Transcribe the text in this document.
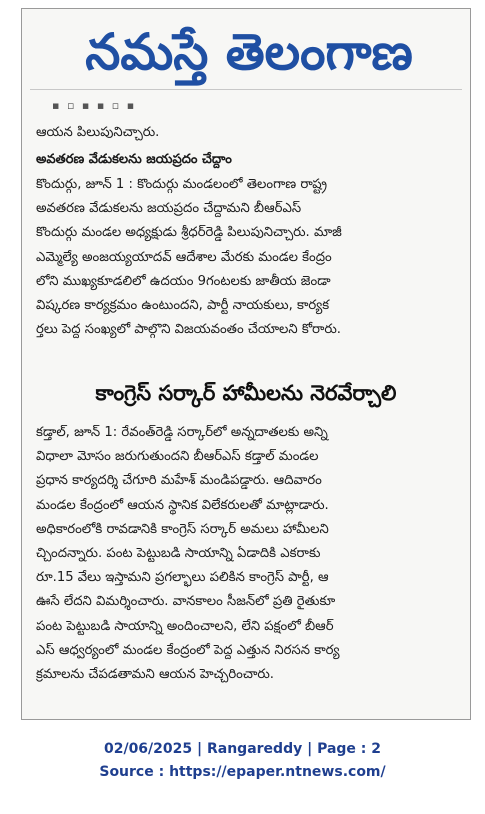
నమస్తే తెలంగాణ
▪ ▫ ▪ ▪ ▫ ▪
ఆయన పిలుపునిచ్చారు.
అవతరణ వేడుకలను జయప్రదం చేద్దాం
కొందుర్గు, జూన్ 1 : కొందుర్గు మండలంలో తెలంగాణ రాష్ట్ర
అవతరణ వేడుకలను జయప్రదం చేద్దామని బీఆర్ఎస్
కొందుర్గు మండల అధ్యక్షుడు శ్రీధర్‌రెడ్డి పిలుపునిచ్చారు. మాజీ
ఎమ్మెల్యే అంజయ్యయాదవ్ ఆదేశాల మేరకు మండల కేంద్రం
లోని ముఖ్యకూడలిలో ఉదయం 9గంటలకు జాతీయ జెండా
విష్కరణ కార్యక్రమం ఉంటుందని, పార్టీ నాయకులు, కార్యక
ర్తలు పెద్ద సంఖ్యలో పాల్గొని విజయవంతం చేయాలని కోరారు.
కాంగ్రెస్ సర్కార్ హామీలను నెరవేర్చాలి
కడ్తాల్, జూన్ 1: రేవంత్‌రెడ్డి సర్కార్‌లో అన్నదాతలకు అన్ని
విధాలా మోసం జరుగుతుందని బీఆర్ఎస్ కడ్తాల్ మండల
ప్రధాన కార్యదర్శి చేగూరి మహేశ్ మండిపడ్డారు. ఆదివారం
మండల కేంద్రంలో ఆయన స్థానిక విలేకరులతో మాట్లాడారు.
అధికారంలోకి రావడానికి కాంగ్రెస్ సర్కార్ అమలు హామీలని
చ్చిందన్నారు. పంట పెట్టుబడి సాయాన్ని ఏడాదికి ఎకరాకు
రూ.15 వేలు ఇస్తామని ప్రగల్భాలు పలికిన కాంగ్రెస్ పార్టీ, ఆ
ఊసే లేదని విమర్శించారు. వానకాలం సీజన్‌లో ప్రతి రైతుకూ
పంట పెట్టుబడి సాయాన్ని అందించాలని, లేని పక్షంలో బీఆర్
ఎస్ ఆధ్వర్యంలో మండల కేంద్రంలో పెద్ద ఎత్తున నిరసన కార్య
క్రమాలను చేపడతామని ఆయన హెచ్చరించారు.
02/06/2025 | Rangareddy | Page : 2
Source : https://epaper.ntnews.com/
